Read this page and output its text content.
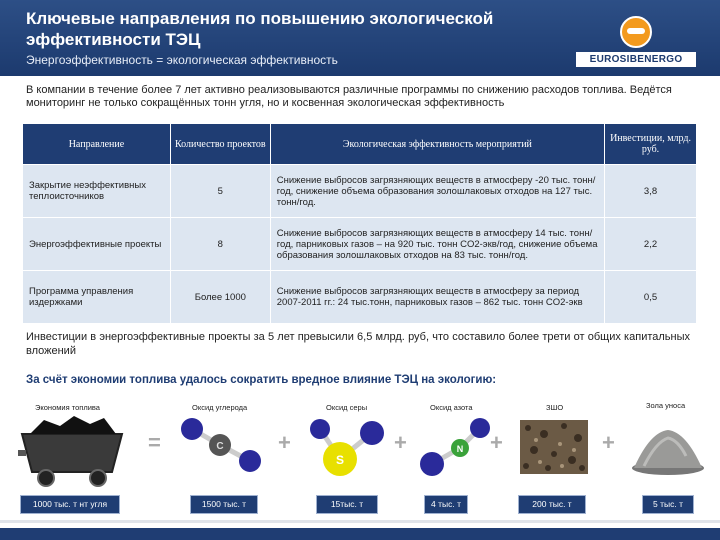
Ключевые направления по повышению экологической эффективности ТЭЦ
Энергоэффективность = экологическая эффективность	EUROSIBENERGO
В компании в течение более 7 лет активно реализовываются различные программы по снижению расходов топлива. Ведётся мониторинг не только сокращённых тонн угля, но и косвенная экологическая эффективность
Направление	Количество проектов	Экологическая эффективность мероприятий	Инвестиции, млрд. руб.
Закрытие неэффективных теплоисточников	5	Снижение выбросов загрязняющих веществ в атмосферу -20 тыс. тонн/год, снижение объема образования золошлаковых отходов на 127 тыс. тонн/год.	3,8
Энергоэффективные проекты	8	Снижение выбросов загрязняющих веществ в атмосферу 14 тыс. тонн/год, парниковых газов – на 920 тыс. тонн CO2-экв/год, снижение объема образования золошлаковых отходов на 83 тыс. тонн/год.	2,2
Программа управления издержками	Более 1000	Снижение выбросов загрязняющих веществ в атмосферу за период 2007-2011 гг.: 24 тыс.тонн, парниковых газов – 862 тыс. тонн CO2-экв	0,5
Инвестиции в энергоэффективные проекты за 5 лет превысили 6,5 млрд. руб, что составило более трети от общих капитальных вложений
За счёт экономии топлива удалось сократить вредное влияние ТЭЦ на экологию:
Экономия топлива	Оксид углерода	Оксид серы	Оксид азота	ЗШО	Зола уноса
=	C +
S
+	N +	+
1000 тыс. т нт угля	1500 тыс. т	15тыс. т	4 тыс. т	200 тыс. т	5 тыс. т
